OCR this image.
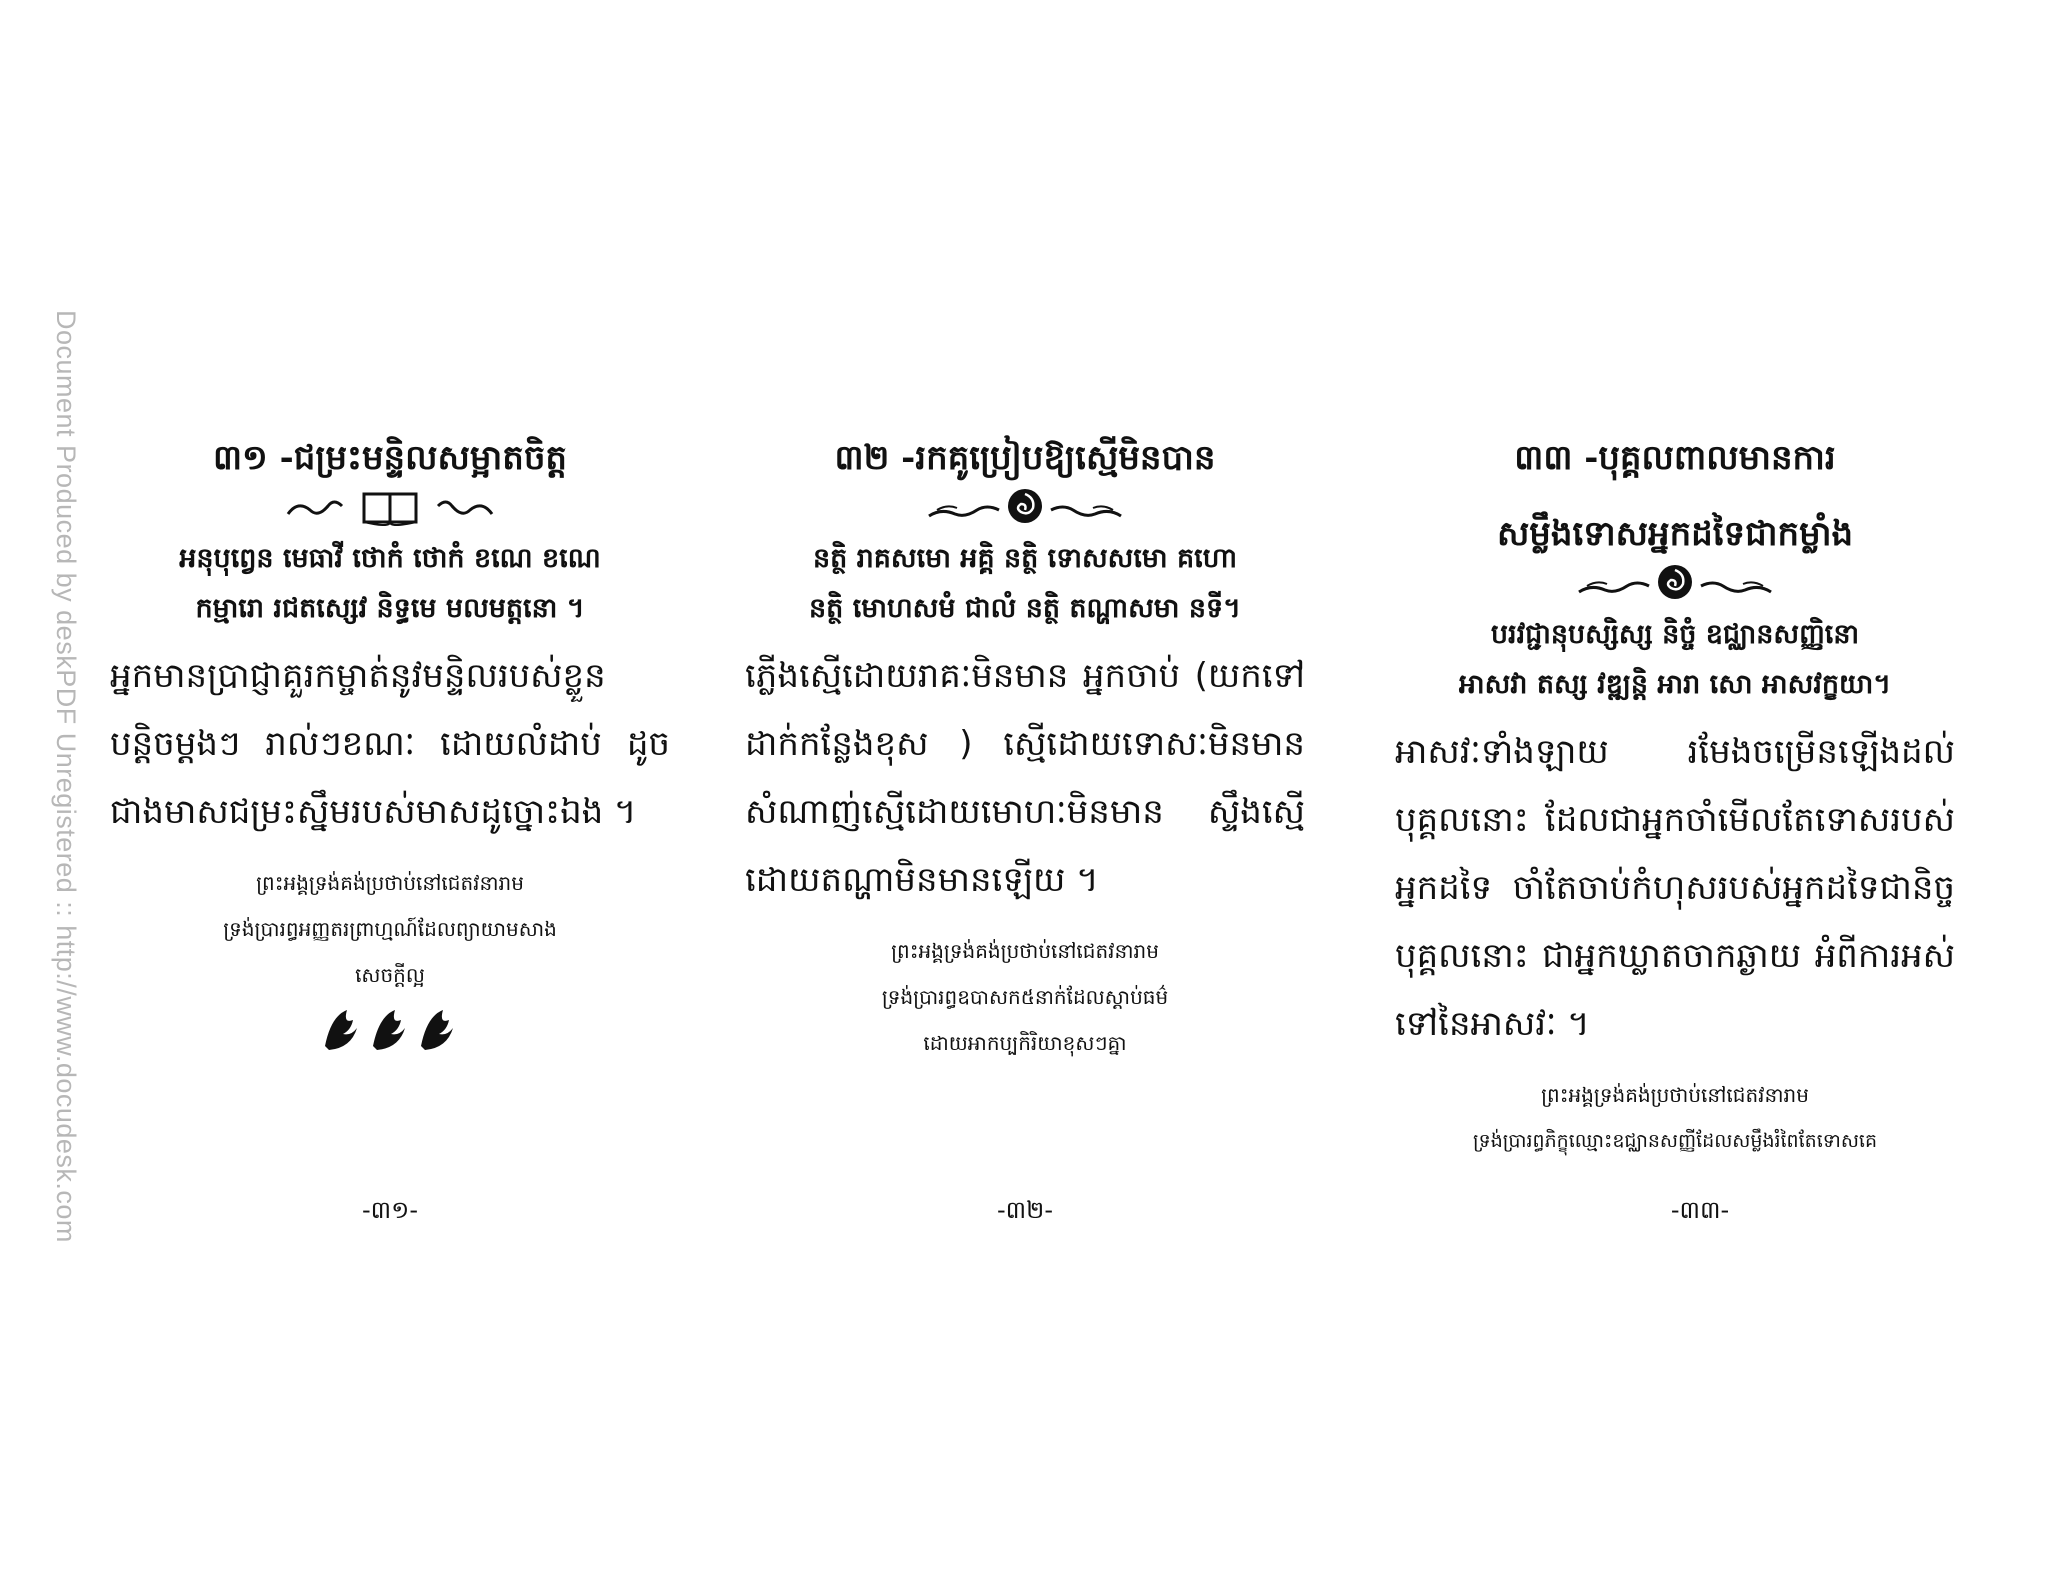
Document Produced by deskPDF Unregistered :: http://www.docudesk.com	៣១ -ជម្រះមន្ទិលសម្អាតចិត្ត

អនុបុព្វេន មេធាវី ថោកំ ថោកំ ខណេ ខណេ

កម្មារោ រជតស្សេវ និទ្ធមេ មលមត្តនោ ។

អ្នកមានប្រាជ្ញាគួរកម្ចាត់នូវមន្ទិលរបស់ខ្លួនបន្តិចម្តងៗ រាល់ៗខណៈ ដោយលំដាប់ ដូចជាងមាសជម្រះស្នឹមរបស់មាសដូច្នោះឯង ។

ព្រះអង្គទ្រង់គង់ប្រថាប់នៅជេតវនារាម
ទ្រង់ប្រារព្ធអញ្ញតរព្រាហ្មណ៍ដែលព្យាយាមសាង
សេចក្តីល្អ
៣២ -រកគូប្រៀបឱ្យស្មើមិនបាន

នត្ថិ រាគសមោ អគ្គិ នត្ថិ ទោសសមោ គហោ

នត្ថិ មោហសមំ ជាលំ នត្ថិ តណ្ហាសមា នទី។

ភ្លើងស្មើដោយរាគៈមិនមាន អ្នកចាប់ (យកទៅដាក់កន្លែងខុស ) ស្មើដោយទោសៈមិនមាន សំណាញ់ស្មើដោយមោហៈមិនមាន ស្ទឹងស្មើដោយតណ្ហាមិនមានឡើយ ។

ព្រះអង្គទ្រង់គង់ប្រថាប់នៅជេតវនារាម
ទ្រង់ប្រារព្ធឧបាសក៥នាក់ដែលស្តាប់ធម៌
ដោយអាកប្បកិរិយាខុសៗគ្នា
៣៣ -បុគ្គលពាលមានការ
សម្លឹងទោសអ្នកដទៃជាកម្លាំង

បរវជ្ជានុបស្សិស្ស និច្ចំ ឧជ្ឈានសញ្ញិនោ

អាសវា តស្ស វឌ្ឍន្តិ អារា សោ អាសវក្ខយា។

អាសវៈទាំងឡាយ រមែងចម្រើនឡើងដល់បុគ្គលនោះ ដែលជាអ្នកចាំមើលតែទោសរបស់អ្នកដទៃ ចាំតែចាប់កំហុសរបស់អ្នកដទៃជានិច្ច បុគ្គលនោះ ជាអ្នកឃ្លាតចាកឆ្ងាយ អំពីការអស់ទៅនៃអាសវៈ ។

ព្រះអង្គទ្រង់គង់ប្រថាប់នៅជេតវនារាម
ទ្រង់ប្រារព្ធភិក្ខុឈ្មោះឧជ្ឈានសញ្ញីដែលសម្លឹងរំពៃតែទោសគេ
-៣១-	-៣២-	-៣៣-
